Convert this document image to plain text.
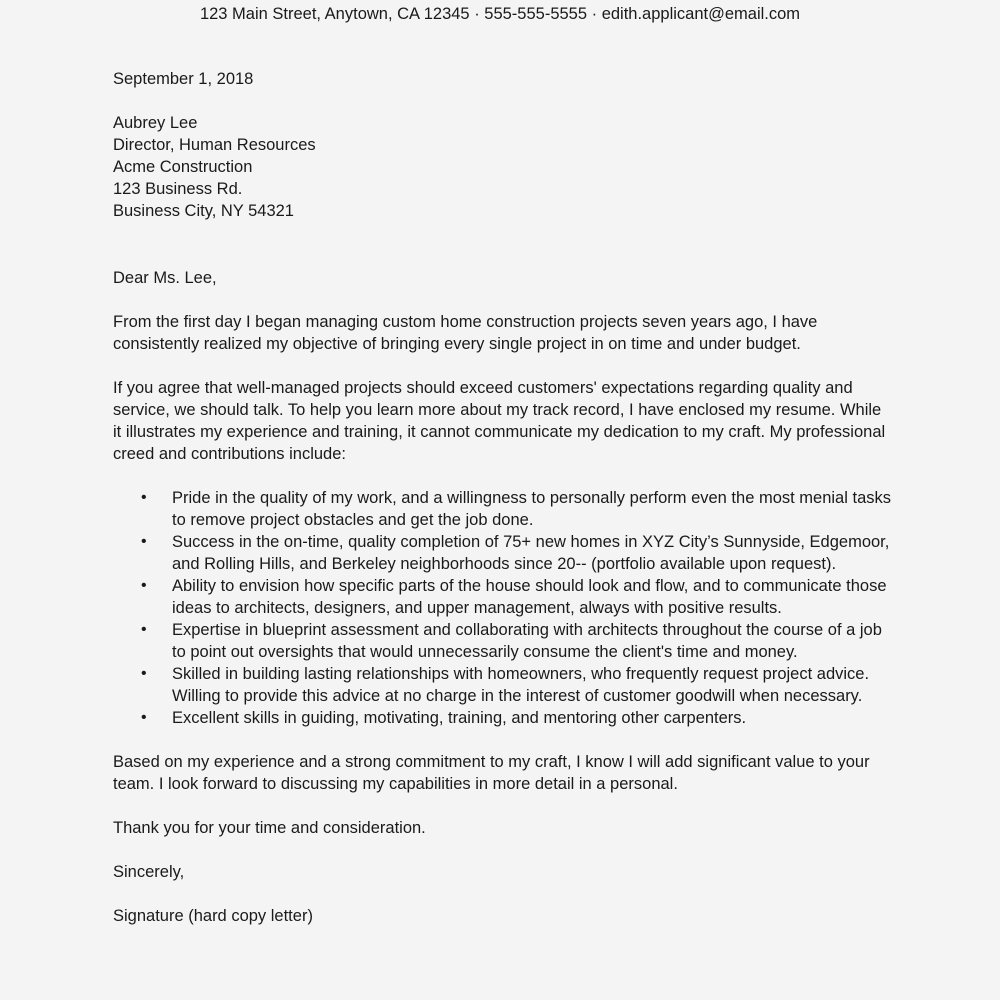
123 Main Street, Anytown, CA 12345 · 555-555-5555 · edith.applicant@email.com

September 1, 2018

Aubrey Lee
Director, Human Resources
Acme Construction
123 Business Rd.
Business City, NY 54321

Dear Ms. Lee,

From the first day I began managing custom home construction projects seven years ago, I have consistently realized my objective of bringing every single project in on time and under budget.

If you agree that well-managed projects should exceed customers' expectations regarding quality and service, we should talk. To help you learn more about my track record, I have enclosed my resume. While it illustrates my experience and training, it cannot communicate my dedication to my craft. My professional creed and contributions include:

• Pride in the quality of my work, and a willingness to personally perform even the most menial tasks to remove project obstacles and get the job done.
• Success in the on-time, quality completion of 75+ new homes in XYZ City’s Sunnyside, Edgemoor, and Rolling Hills, and Berkeley neighborhoods since 20-- (portfolio available upon request).
• Ability to envision how specific parts of the house should look and flow, and to communicate those ideas to architects, designers, and upper management, always with positive results.
• Expertise in blueprint assessment and collaborating with architects throughout the course of a job to point out oversights that would unnecessarily consume the client's time and money.
• Skilled in building lasting relationships with homeowners, who frequently request project advice. Willing to provide this advice at no charge in the interest of customer goodwill when necessary.
• Excellent skills in guiding, motivating, training, and mentoring other carpenters.

Based on my experience and a strong commitment to my craft, I know I will add significant value to your team. I look forward to discussing my capabilities in more detail in a personal.

Thank you for your time and consideration.

Sincerely,

Signature (hard copy letter)
